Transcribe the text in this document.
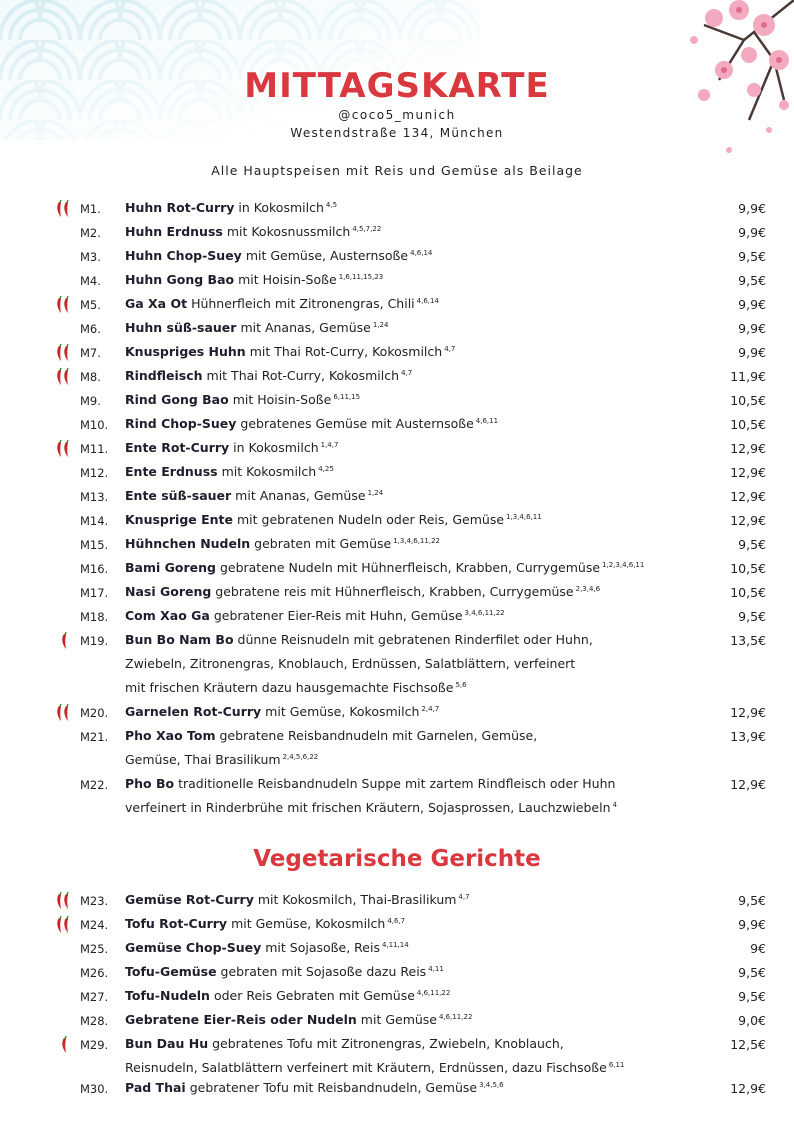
MITTAGSKARTE
@coco5_munich
Westendstraße 134, München
Alle Hauptspeisen mit Reis und Gemüse als Beilage
Vegetarische Gerichte
M1. Huhn Rot-Curry in Kokosmilch $^{4,5}$	9,9€
M2. Huhn Erdnuss mit Kokosnussmilch $^{4,5,7,22}$	9,9€
M3. Huhn Chop-Suey mit Gemüse, Austernsoße $^{4,6,14}$	9,5€
M4. Huhn Gong Bao mit Hoisin-Soße $^{1,6,11,15,23}$	9,5€
M5. Ga Xa Ot Hühnerfleich mit Zitronengras, Chili $^{4,6,14}$	9,9€
M6. Huhn süß-sauer mit Ananas, Gemüse $^{1,24}$	9,9€
M7. Knuspriges Huhn mit Thai Rot-Curry, Kokosmilch $^{4,7}$	9,9€
M8. Rindfleisch mit Thai Rot-Curry, Kokosmilch $^{4,7}$	11,9€
M9. Rind Gong Bao mit Hoisin-Soße $^{6,11,15}$	10,5€
M10. Rind Chop-Suey gebratenes Gemüse mit Austernsoße $^{4,6,11}$	10,5€
M11. Ente Rot-Curry in Kokosmilch $^{1,4,7}$	12,9€
M12. Ente Erdnuss mit Kokosmilch $^{4,25}$	12,9€
M13. Ente süß-sauer mit Ananas, Gemüse $^{1,24}$	12,9€
M14. Knusprige Ente mit gebratenen Nudeln oder Reis, Gemüse $^{1,3,4,6,11}$	12,9€
M15. Hühnchen Nudeln gebraten mit Gemüse $^{1,3,4,6,11,22}$	9,5€
M16. Bami Goreng gebratene Nudeln mit Hühnerfleisch, Krabben, Currygemüse $^{1,2,3,4,6,11}$	10,5€
M17. Nasi Goreng gebratene reis mit Hühnerfleisch, Krabben, Currygemüse $^{2,3,4,6}$	10,5€
M18. Com Xao Ga gebratener Eier-Reis mit Huhn, Gemüse $^{3,4,6,11,22}$	9,5€
M19. Bun Bo Nam Bo dünne Reisnudeln mit gebratenen Rinderfilet oder Huhn,
Zwiebeln, Zitronengras, Knoblauch, Erdnüssen, Salatblättern, verfeinert
mit frischen Kräutern dazu hausgemachte Fischsoße $^{5,6}$
13,5€
M20. Garnelen Rot-Curry mit Gemüse, Kokosmilch $^{2,4,7}$	12,9€
M21. Pho Xao Tom gebratene Reisbandnudeln mit Garnelen, Gemüse,
Gemüse, Thai Brasilikum $^{2,4,5,6,22}$
13,9€
M22. Pho Bo traditionelle Reisbandnudeln Suppe mit zartem Rindfleisch oder Huhn
verfeinert in Rinderbrühe mit frischen Kräutern, Sojasprossen, Lauchzwiebeln $^4$
12,9€
M23. Gemüse Rot-Curry mit Kokosmilch, Thai-Brasilikum $^{4,7}$	9,5€
M24. Tofu Rot-Curry mit Gemüse, Kokosmilch $^{4,6,7}$	9,9€
M25. Gemüse Chop-Suey mit Sojasoße, Reis $^{4,11,14}$	9€
M26. Tofu-Gemüse gebraten mit Sojasoße dazu Reis $^{4,11}$	9,5€
M27. Tofu-Nudeln oder Reis Gebraten mit Gemüse $^{4,6,11,22}$	9,5€
M28. Gebratene Eier-Reis oder Nudeln mit Gemüse $^{4,6,11,22}$	9,0€
M29. Bun Dau Hu gebratenes Tofu mit Zitronengras, Zwiebeln, Knoblauch,
Reisnudeln, Salatblättern verfeinert mit Kräutern, Erdnüssen, dazu Fischsoße $^{6,11}$
12,5€
M30. Pad Thai gebratener Tofu mit Reisbandnudeln, Gemüse $^{3,4,5,6}$	12,9€
